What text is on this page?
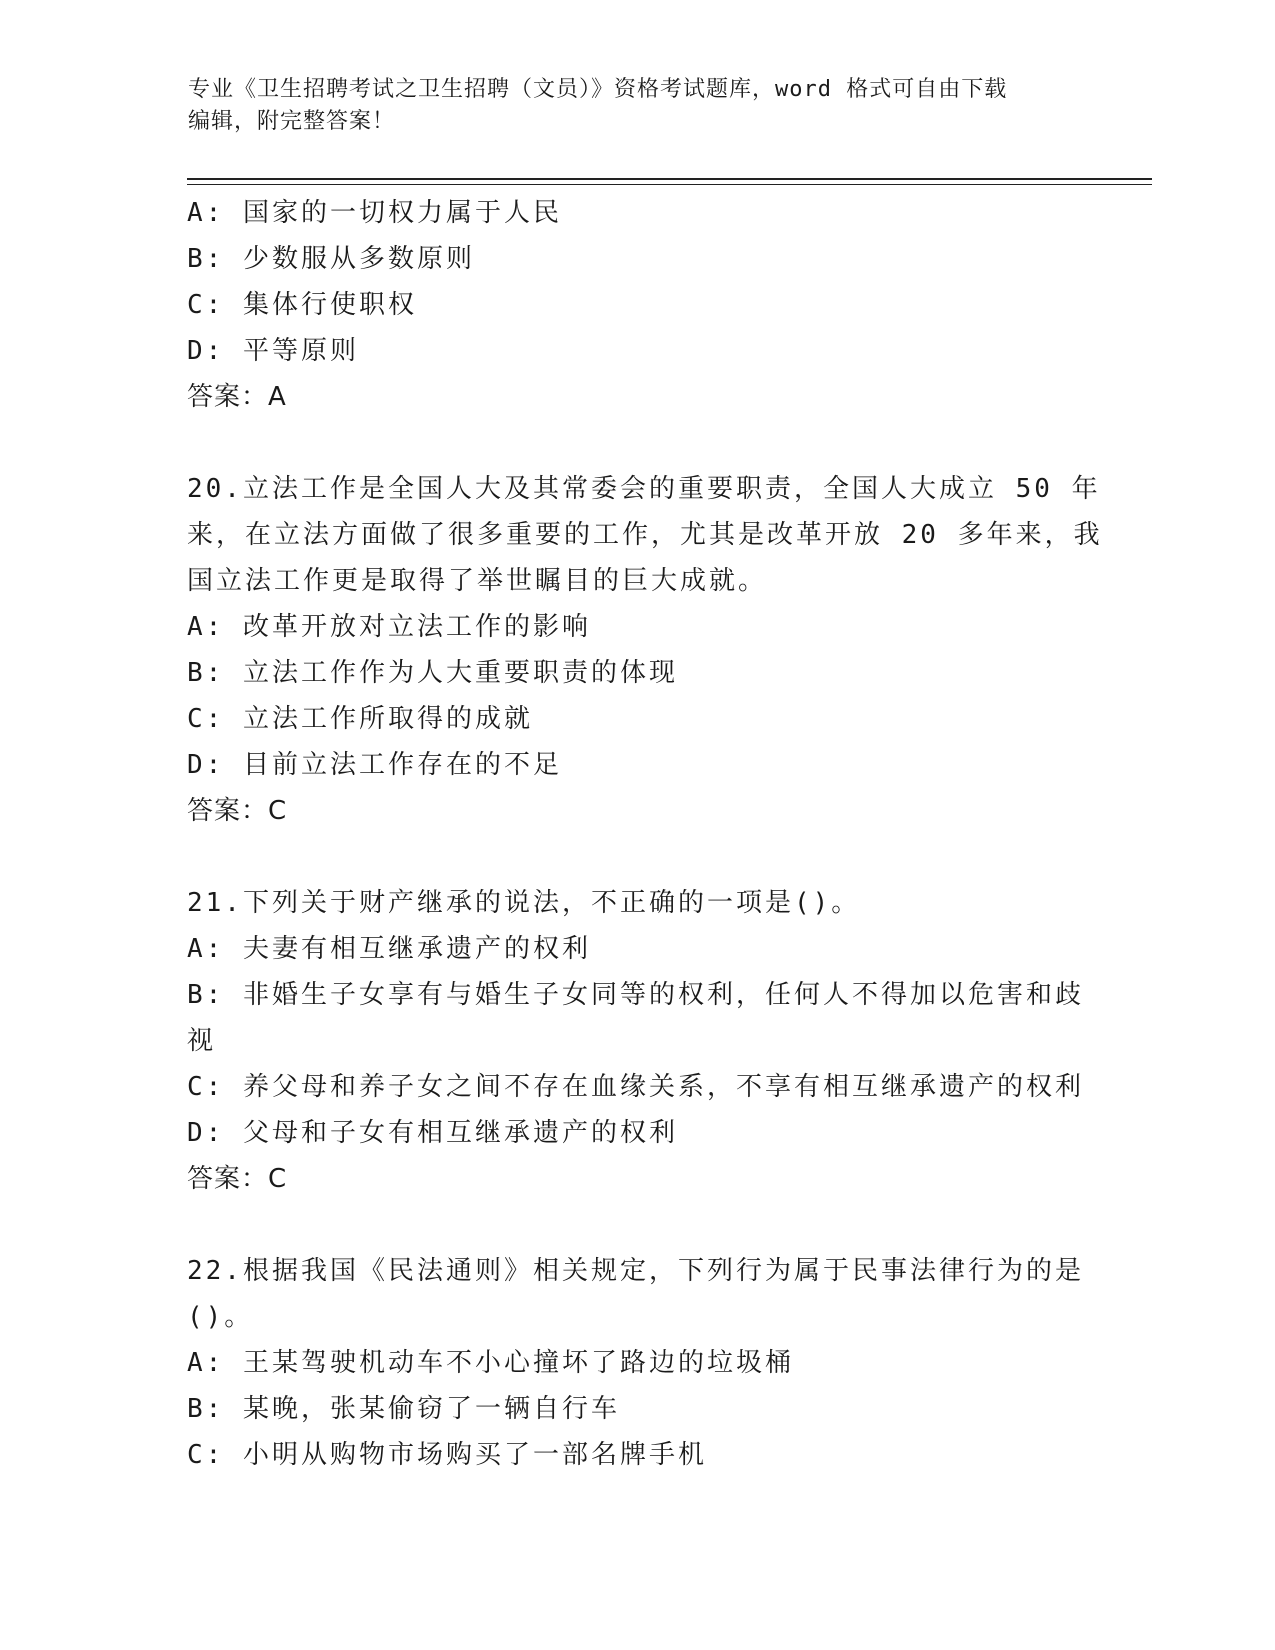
专业《卫生招聘考试之卫生招聘（文员）》资格考试题库，word 格式可自由下载
编辑，附完整答案！
A: 国家的一切权力属于人民
B: 少数服从多数原则
C: 集体行使职权
D: 平等原则
答案：A
20.立法工作是全国人大及其常委会的重要职责，全国人大成立 50 年
来，在立法方面做了很多重要的工作，尤其是改革开放 20 多年来，我
国立法工作更是取得了举世瞩目的巨大成就。
A: 改革开放对立法工作的影响
B: 立法工作作为人大重要职责的体现
C: 立法工作所取得的成就
D: 目前立法工作存在的不足
答案：C
21.下列关于财产继承的说法，不正确的一项是()。
A: 夫妻有相互继承遗产的权利
B: 非婚生子女享有与婚生子女同等的权利，任何人不得加以危害和歧
视
C: 养父母和养子女之间不存在血缘关系，不享有相互继承遗产的权利
D: 父母和子女有相互继承遗产的权利
答案：C
22.根据我国《民法通则》相关规定，下列行为属于民事法律行为的是
()。
A: 王某驾驶机动车不小心撞坏了路边的垃圾桶
B: 某晚，张某偷窃了一辆自行车
C: 小明从购物市场购买了一部名牌手机
